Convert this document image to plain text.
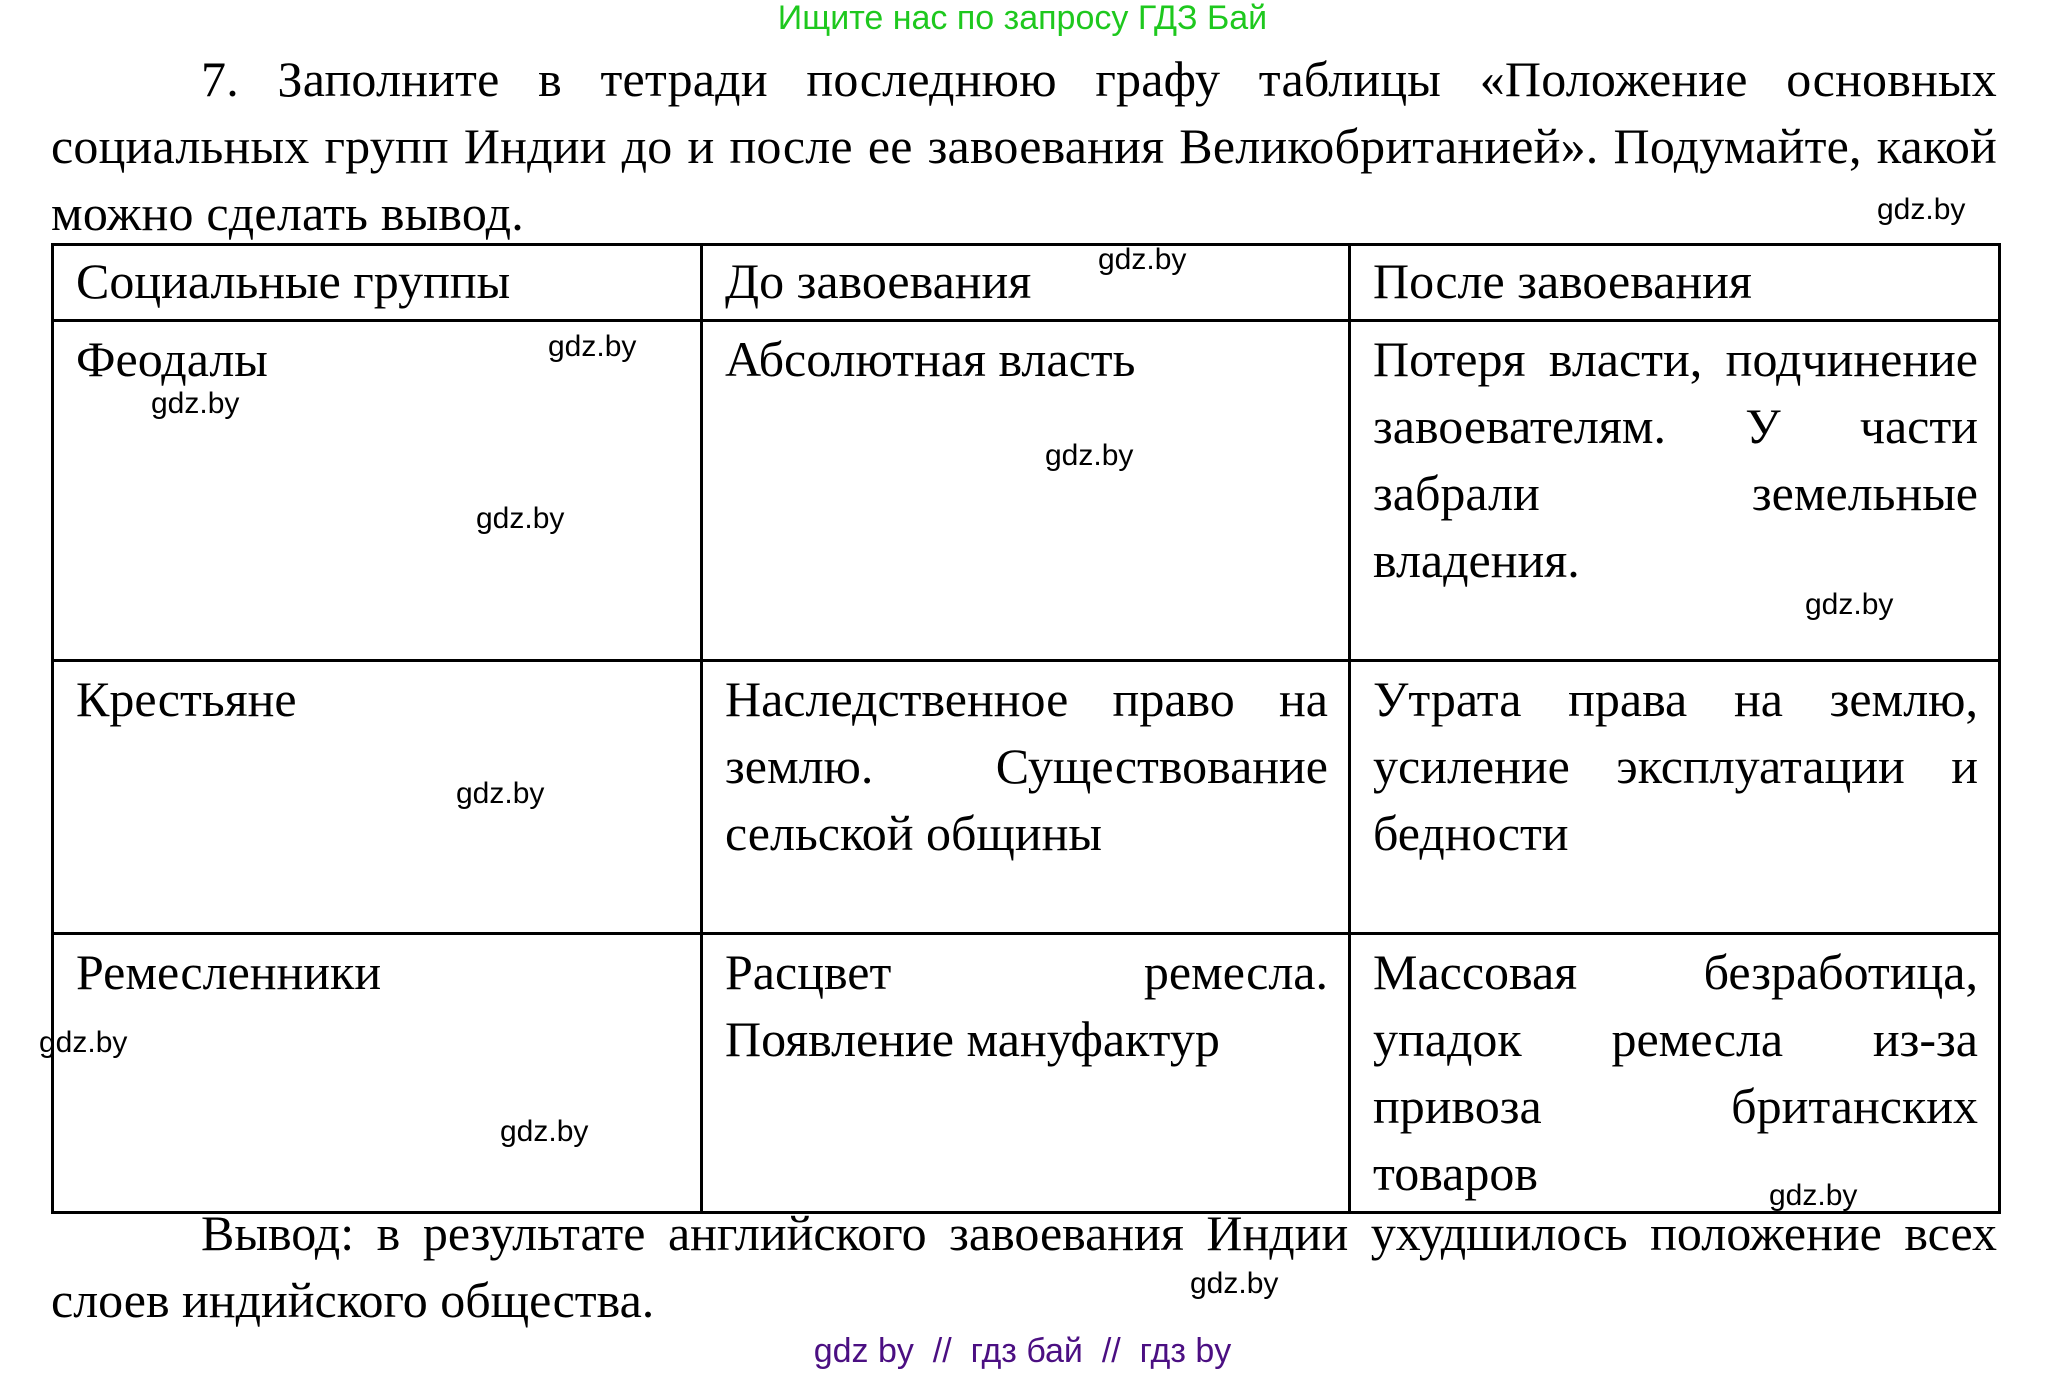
Ищите нас по запросу ГДЗ Бай
7. Заполните в тетради последнюю графу таблицы «Положение основных социальных групп Индии до и после ее завоевания Великобританией». Подумайте, какой можно сделать вывод.
Социальные группы	До завоевания	После завоевания
Феодалы	Абсолютная власть	Потеря власти, подчинение завоевателям. У части забрали земельные владения.
Крестьяне	Наследственное право на землю. Существование сельской общины	Утрата права на землю, усиление эксплуатации и бедности
Ремесленники	Расцвет ремесла. Появление мануфактур	Массовая безработица, упадок ремесла из-за привоза британских товаров
Вывод: в результате английского завоевания Индии ухудшилось положение всех слоев индийского общества.
gdz.by
gdz.by
gdz.by
gdz.by
gdz.by
gdz.by
gdz.by
gdz.by
gdz.by
gdz.by
gdz.by
gdz.by
gdz by  //  гдз бай  //  гдз by
